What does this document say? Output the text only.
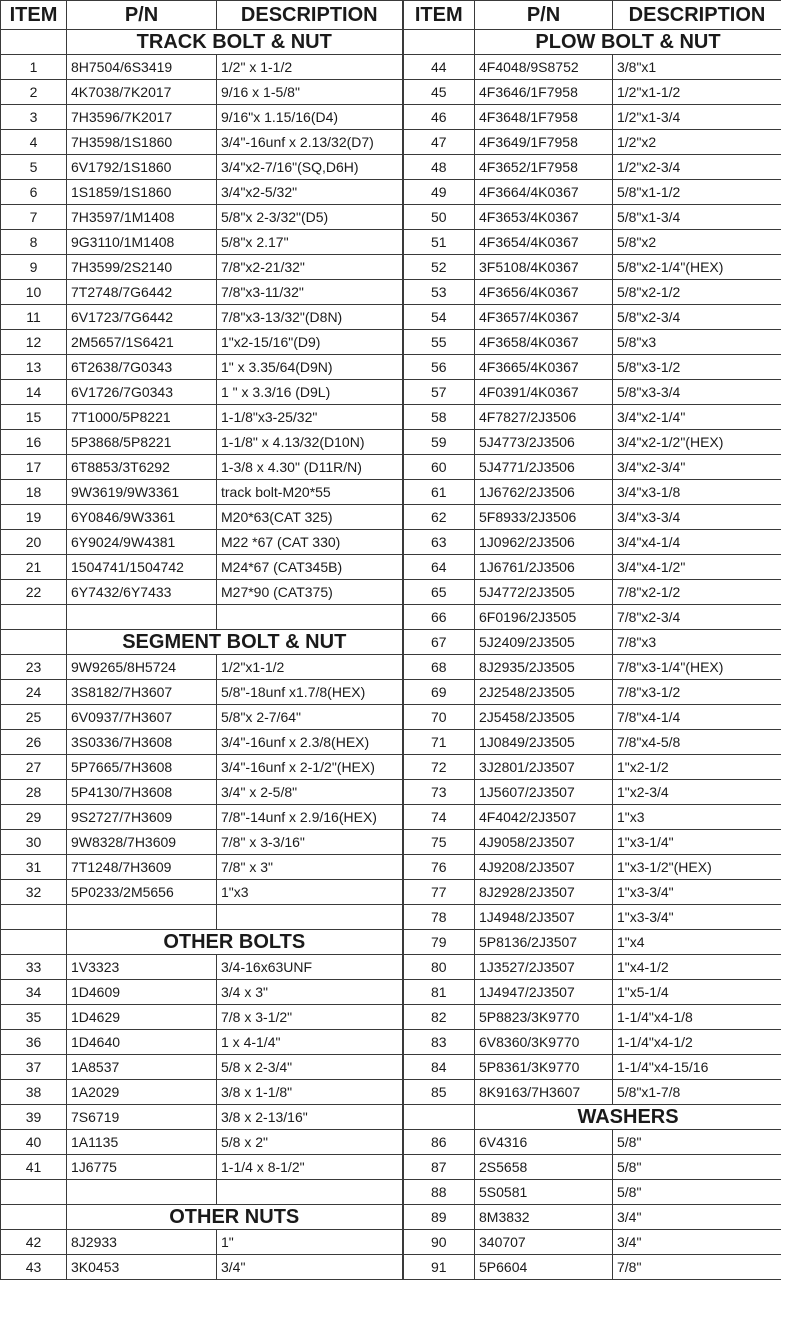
ITEM	P/N	DESCRIPTION	ITEM	P/N	DESCRIPTION
	TRACK BOLT & NUT			PLOW BOLT & NUT	
1	8H7504/6S3419	1/2" x 1-1/2	44	4F4048/9S8752	3/8"x1
2	4K7038/7K2017	9/16 x 1-5/8"	45	4F3646/1F7958	1/2"x1-1/2
3	7H3596/7K2017	9/16"x 1.15/16(D4)	46	4F3648/1F7958	1/2"x1-3/4
4	7H3598/1S1860	3/4"-16unf x 2.13/32(D7)	47	4F3649/1F7958	1/2"x2
5	6V1792/1S1860	3/4"x2-7/16"(SQ,D6H)	48	4F3652/1F7958	1/2"x2-3/4
6	1S1859/1S1860	3/4"x2-5/32"	49	4F3664/4K0367	5/8"x1-1/2
7	7H3597/1M1408	5/8"x 2-3/32"(D5)	50	4F3653/4K0367	5/8"x1-3/4
8	9G3110/1M1408	5/8"x 2.17"	51	4F3654/4K0367	5/8"x2
9	7H3599/2S2140	7/8"x2-21/32"	52	3F5108/4K0367	5/8"x2-1/4"(HEX)
10	7T2748/7G6442	7/8"x3-11/32"	53	4F3656/4K0367	5/8"x2-1/2
11	6V1723/7G6442	7/8"x3-13/32"(D8N)	54	4F3657/4K0367	5/8"x2-3/4
12	2M5657/1S6421	1"x2-15/16"(D9)	55	4F3658/4K0367	5/8"x3
13	6T2638/7G0343	1" x 3.35/64(D9N)	56	4F3665/4K0367	5/8"x3-1/2
14	6V1726/7G0343	1 " x 3.3/16 (D9L)	57	4F0391/4K0367	5/8"x3-3/4
15	7T1000/5P8221	1-1/8"x3-25/32"	58	4F7827/2J3506	3/4"x2-1/4"
16	5P3868/5P8221	1-1/8" x 4.13/32(D10N)	59	5J4773/2J3506	3/4"x2-1/2"(HEX)
17	6T8853/3T6292	1-3/8 x 4.30" (D11R/N)	60	5J4771/2J3506	3/4"x2-3/4"
18	9W3619/9W3361	track bolt-M20*55	61	1J6762/2J3506	3/4"x3-1/8
19	6Y0846/9W3361	M20*63(CAT 325)	62	5F8933/2J3506	3/4"x3-3/4
20	6Y9024/9W4381	M22 *67 (CAT 330)	63	1J0962/2J3506	3/4"x4-1/4
21	1504741/1504742	M24*67 (CAT345B)	64	1J6761/2J3506	3/4"x4-1/2"
22	6Y7432/6Y7433	M27*90 (CAT375)	65	5J4772/2J3505	7/8"x2-1/2
			66	6F0196/2J3505	7/8"x2-3/4
	SEGMENT BOLT & NUT		67	5J2409/2J3505	7/8"x3
23	9W9265/8H5724	1/2"x1-1/2	68	8J2935/2J3505	7/8"x3-1/4"(HEX)
24	3S8182/7H3607	5/8"-18unf x1.7/8(HEX)	69	2J2548/2J3505	7/8"x3-1/2
25	6V0937/7H3607	5/8"x 2-7/64"	70	2J5458/2J3505	7/8"x4-1/4
26	3S0336/7H3608	3/4"-16unf x 2.3/8(HEX)	71	1J0849/2J3505	7/8"x4-5/8
27	5P7665/7H3608	3/4"-16unf x 2-1/2"(HEX)	72	3J2801/2J3507	1"x2-1/2
28	5P4130/7H3608	3/4" x 2-5/8"	73	1J5607/2J3507	1"x2-3/4
29	9S2727/7H3609	7/8"-14unf x 2.9/16(HEX)	74	4F4042/2J3507	1"x3
30	9W8328/7H3609	7/8" x 3-3/16"	75	4J9058/2J3507	1"x3-1/4"
31	7T1248/7H3609	7/8" x 3"	76	4J9208/2J3507	1"x3-1/2"(HEX)
32	5P0233/2M5656	1"x3	77	8J2928/2J3507	1"x3-3/4"
			78	1J4948/2J3507	1"x3-3/4"
	OTHER BOLTS		79	5P8136/2J3507	1"x4
33	1V3323	3/4-16x63UNF	80	1J3527/2J3507	1"x4-1/2
34	1D4609	3/4 x 3"	81	1J4947/2J3507	1"x5-1/4
35	1D4629	7/8 x 3-1/2"	82	5P8823/3K9770	1-1/4"x4-1/8
36	1D4640	1 x 4-1/4"	83	6V8360/3K9770	1-1/4"x4-1/2
37	1A8537	5/8 x 2-3/4"	84	5P8361/3K9770	1-1/4"x4-15/16
38	1A2029	3/8 x 1-1/8"	85	8K9163/7H3607	5/8"x1-7/8
39	7S6719	3/8 x 2-13/16"		WASHERS	
40	1A1135	5/8 x 2"	86	6V4316	5/8"
41	1J6775	1-1/4 x 8-1/2"	87	2S5658	5/8"
			88	5S0581	5/8"
	OTHER NUTS		89	8M3832	3/4"
42	8J2933	1"	90	340707	3/4"
43	3K0453	3/4"	91	5P6604	7/8"
